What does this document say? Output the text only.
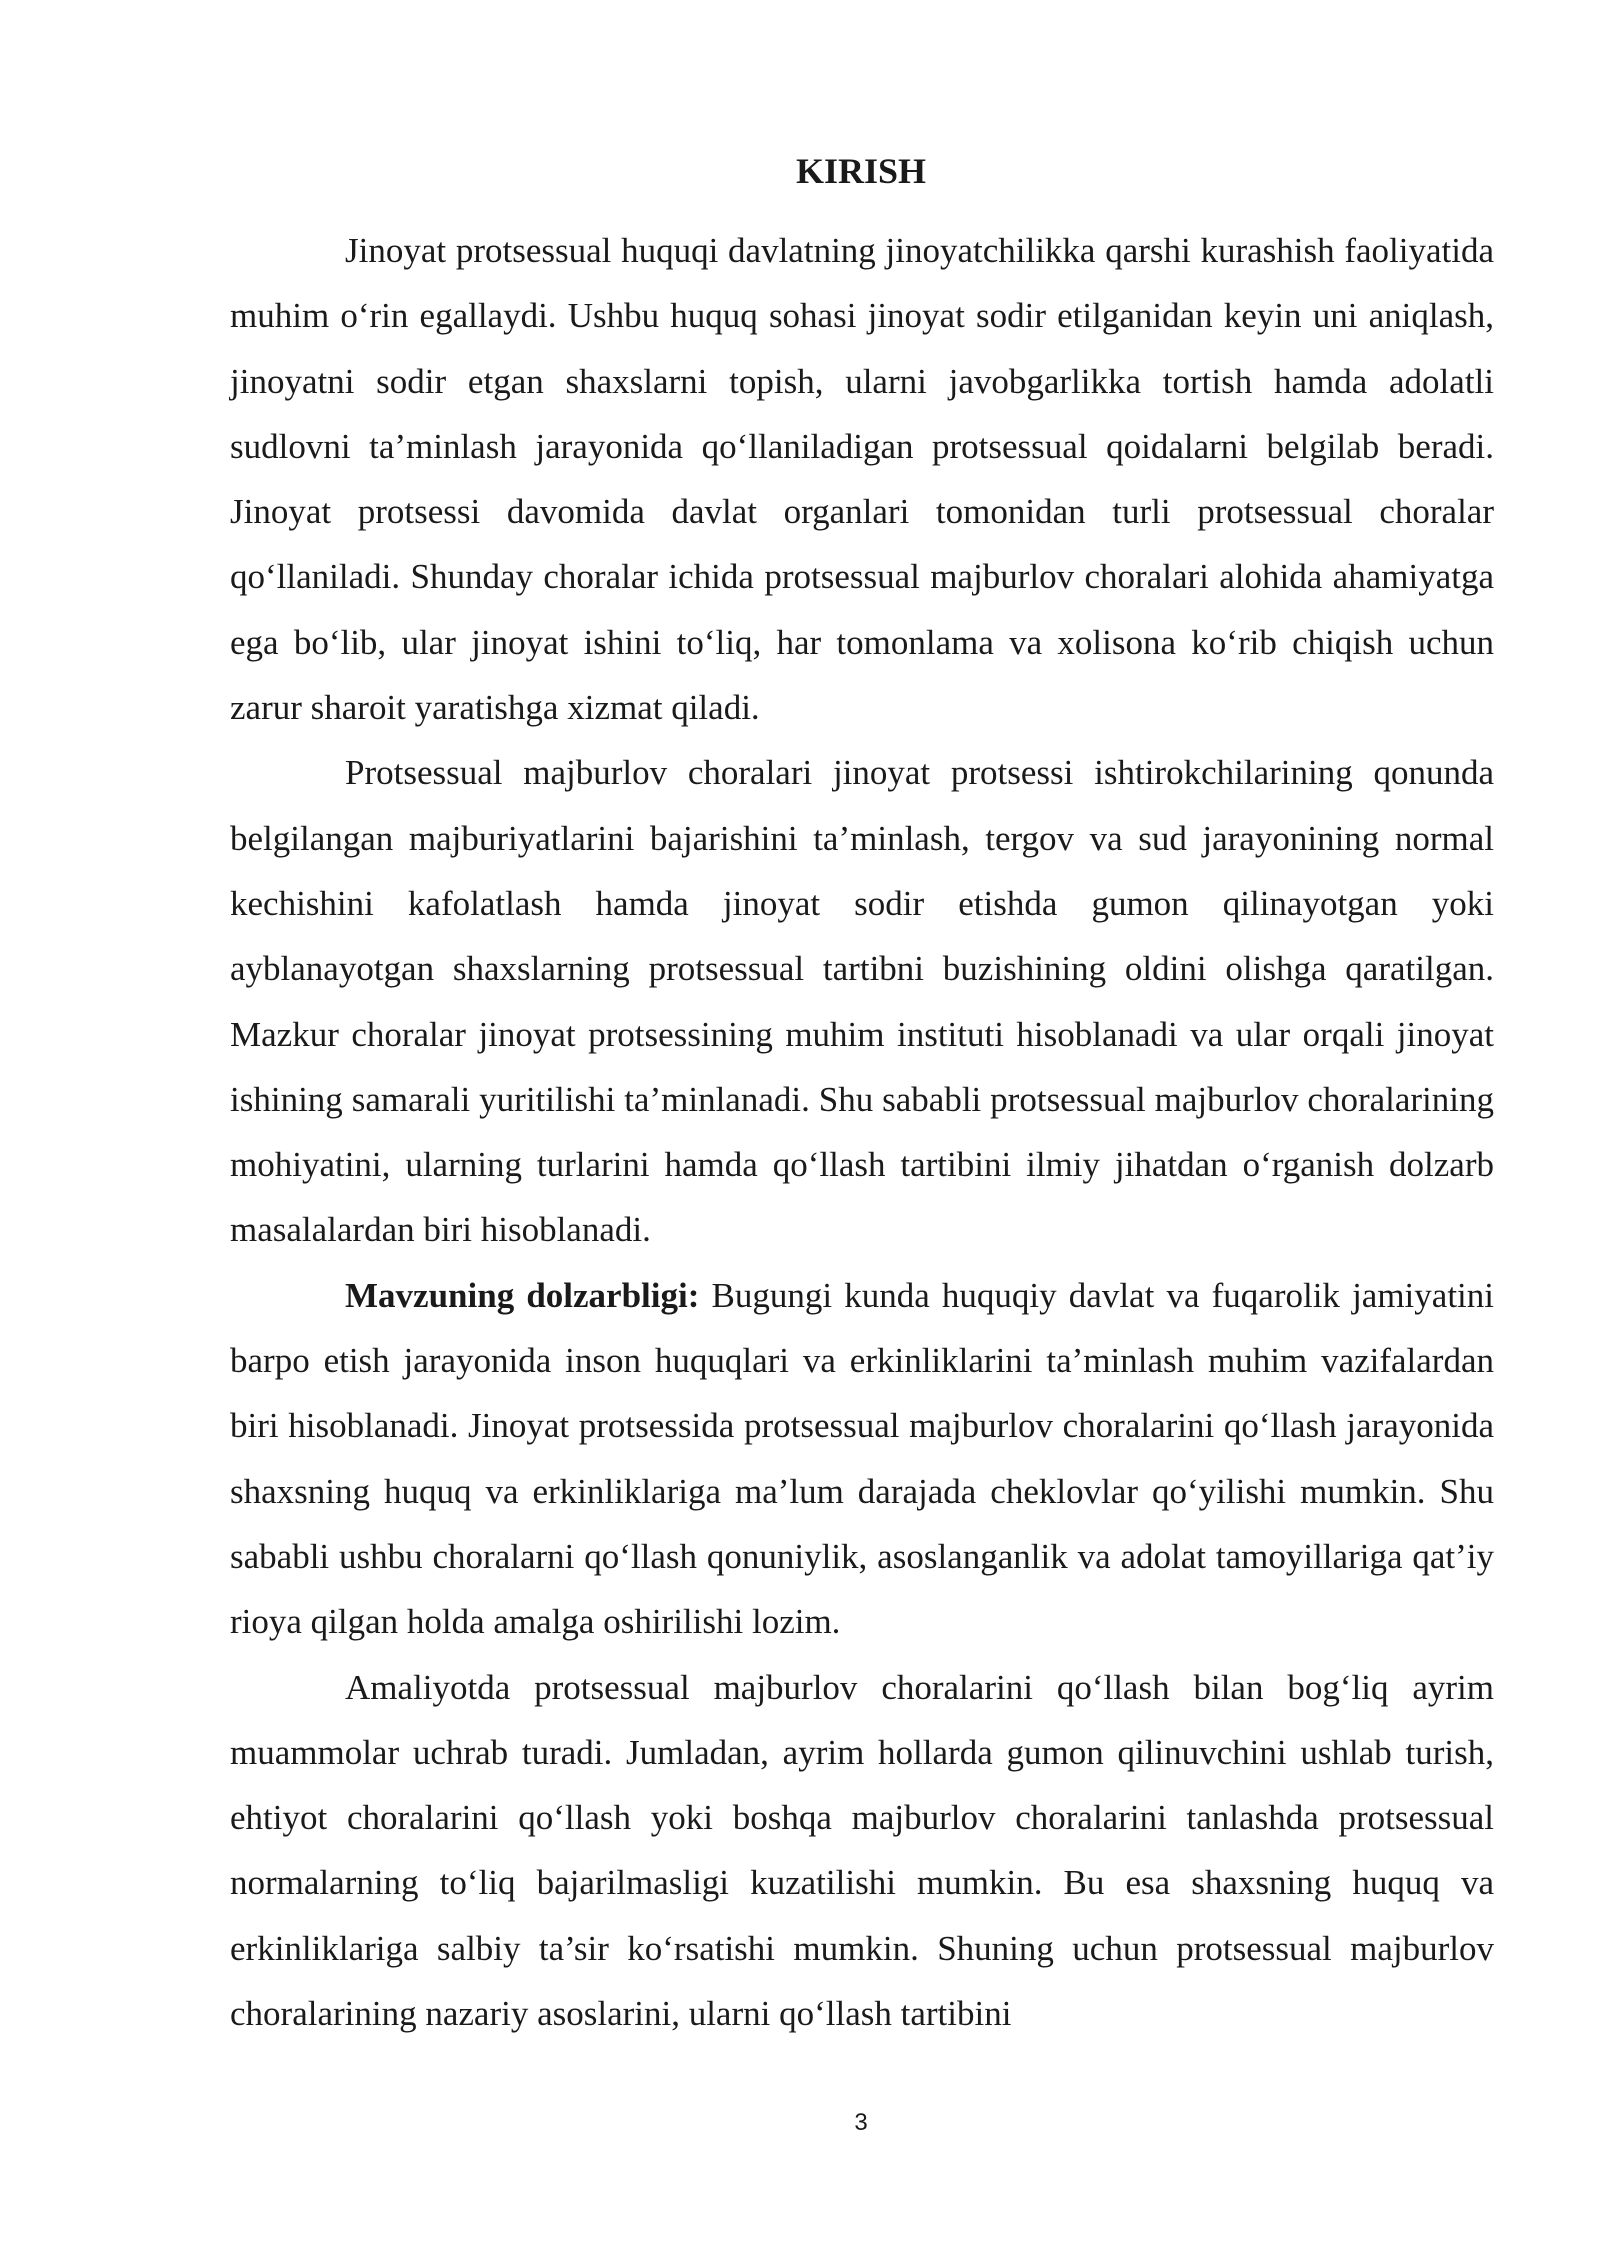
KIRISH

Jinoyat protsessual huquqi davlatning jinoyatchilikka qarshi kurashish faoliyatida muhim o‘rin egallaydi. Ushbu huquq sohasi jinoyat sodir etilganidan keyin uni aniqlash, jinoyatni sodir etgan shaxslarni topish, ularni javobgarlikka tortish hamda adolatli sudlovni ta’minlash jarayonida qo‘llaniladigan protsessual qoidalarni belgilab beradi. Jinoyat protsessi davomida davlat organlari tomonidan turli protsessual choralar qo‘llaniladi. Shunday choralar ichida protsessual majburlov choralari alohida ahamiyatga ega bo‘lib, ular jinoyat ishini to‘liq, har tomonlama va xolisona ko‘rib chiqish uchun zarur sharoit yaratishga xizmat qiladi.

Protsessual majburlov choralari jinoyat protsessi ishtirokchilarining qonunda belgilangan majburiyatlarini bajarishini ta’minlash, tergov va sud jarayonining normal kechishini kafolatlash hamda jinoyat sodir etishda gumon qilinayotgan yoki ayblanayotgan shaxslarning protsessual tartibni buzishining oldini olishga qaratilgan. Mazkur choralar jinoyat protsessining muhim instituti hisoblanadi va ular orqali jinoyat ishining samarali yuritilishi ta’minlanadi. Shu sababli protsessual majburlov choralarining mohiyatini, ularning turlarini hamda qo‘llash tartibini ilmiy jihatdan o‘rganish dolzarb masalalardan biri hisoblanadi.

Mavzuning dolzarbligi: Bugungi kunda huquqiy davlat va fuqarolik jamiyatini barpo etish jarayonida inson huquqlari va erkinliklarini ta’minlash muhim vazifalardan biri hisoblanadi. Jinoyat protsessida protsessual majburlov choralarini qo‘llash jarayonida shaxsning huquq va erkinliklariga ma’lum darajada cheklovlar qo‘yilishi mumkin. Shu sababli ushbu choralarni qo‘llash qonuniylik, asoslanganlik va adolat tamoyillariga qat’iy rioya qilgan holda amalga oshirilishi lozim.

Amaliyotda protsessual majburlov choralarini qo‘llash bilan bog‘liq ayrim muammolar uchrab turadi. Jumladan, ayrim hollarda gumon qilinuvchini ushlab turish, ehtiyot choralarini qo‘llash yoki boshqa majburlov choralarini tanlashda protsessual normalarning to‘liq bajarilmasligi kuzatilishi mumkin. Bu esa shaxsning huquq va erkinliklariga salbiy ta’sir ko‘rsatishi mumkin. Shuning uchun protsessual majburlov choralarining nazariy asoslarini, ularni qo‘llash tartibini

3
